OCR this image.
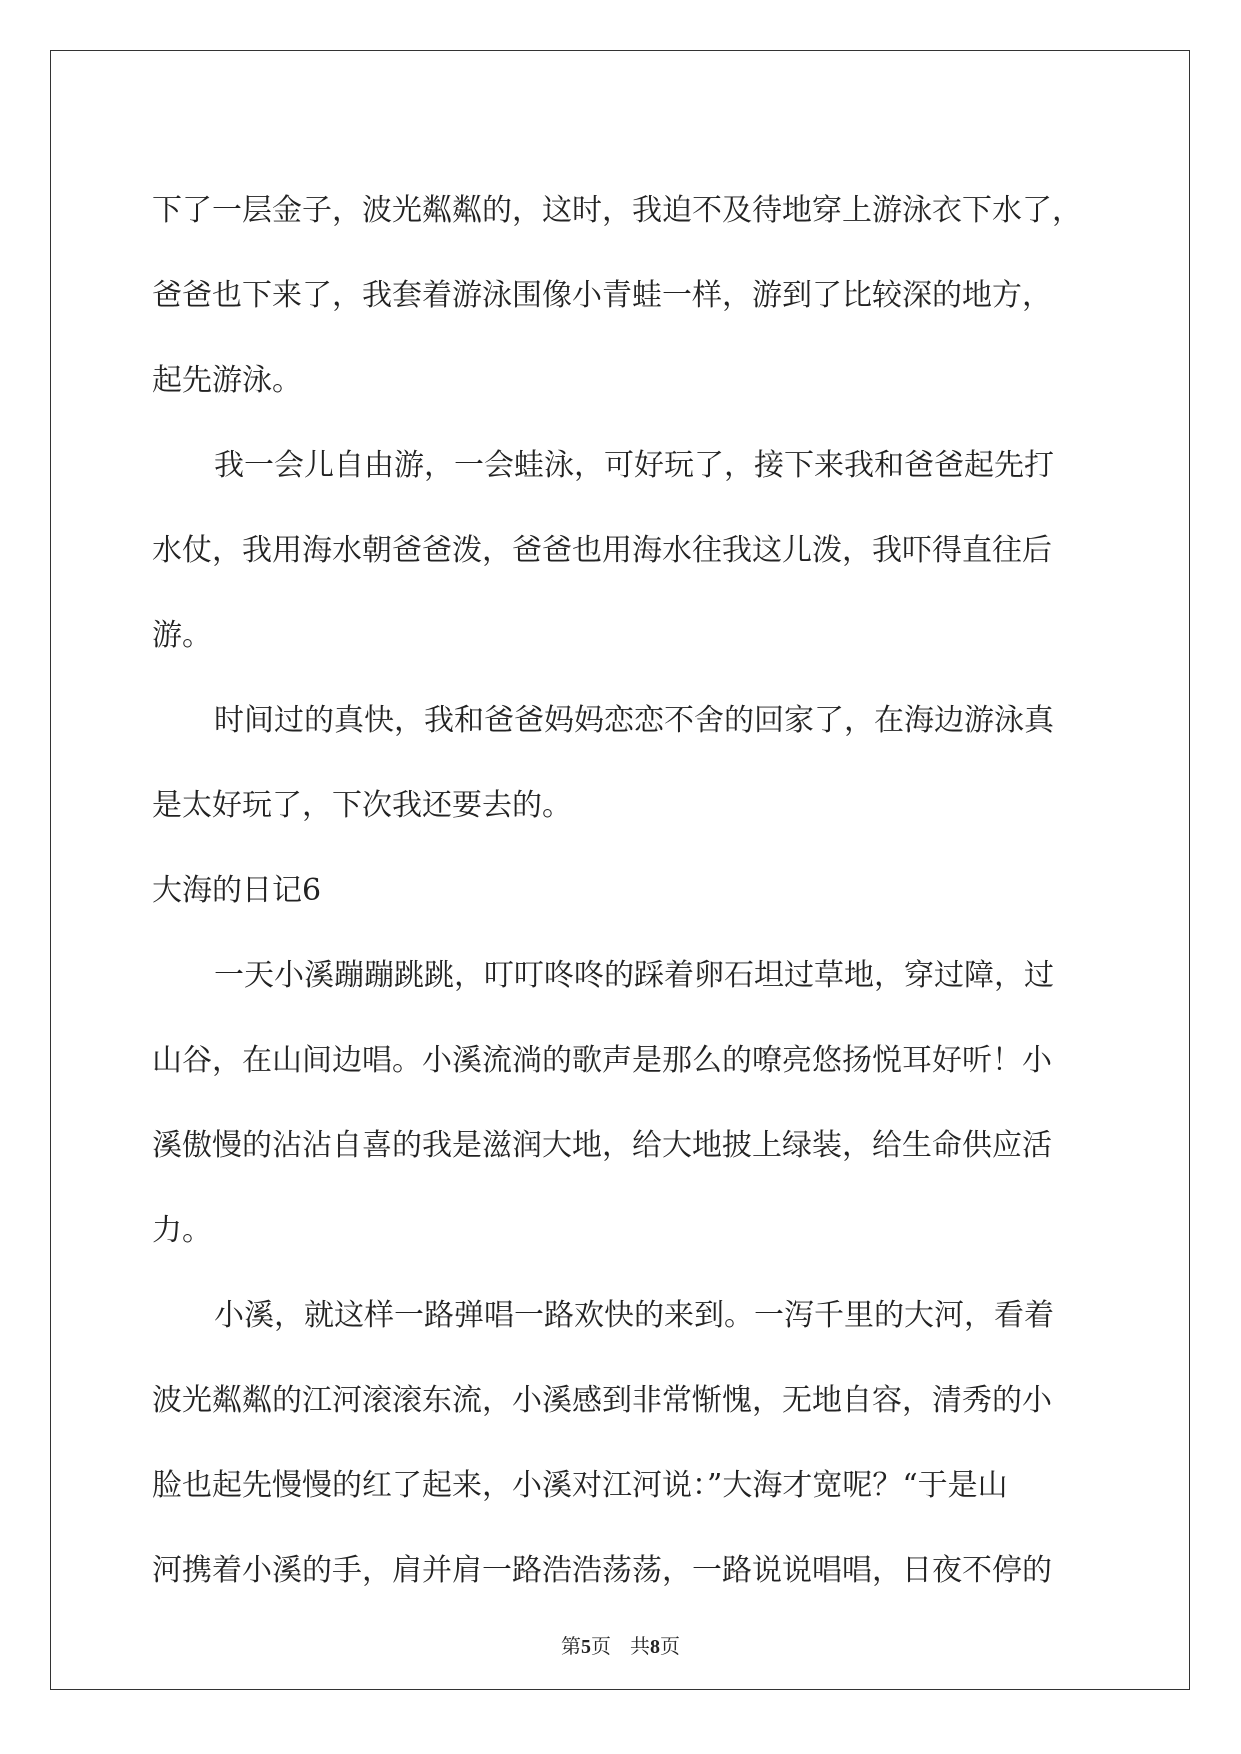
下了一层金子，波光粼粼的，这时，我迫不及待地穿上游泳衣下水了，
爸爸也下来了，我套着游泳围像小青蛙一样，游到了比较深的地方，
起先游泳。

我一会儿自由游，一会蛙泳，可好玩了，接下来我和爸爸起先打
水仗，我用海水朝爸爸泼，爸爸也用海水往我这儿泼，我吓得直往后
游。

时间过的真快，我和爸爸妈妈恋恋不舍的回家了，在海边游泳真
是太好玩了，下次我还要去的。

大海的日记6

一天小溪蹦蹦跳跳，叮叮咚咚的踩着卵石坦过草地，穿过障，过
山谷，在山间边唱。小溪流淌的歌声是那么的嘹亮悠扬悦耳好听！小
溪傲慢的沾沾自喜的我是滋润大地，给大地披上绿装，给生命供应活
力。

小溪，就这样一路弹唱一路欢快的来到。一泻千里的大河，看着
波光粼粼的江河滚滚东流，小溪感到非常惭愧，无地自容，清秀的小
脸也起先慢慢的红了起来，小溪对江河说：”大海才宽呢？“于是山
河携着小溪的手，肩并肩一路浩浩荡荡，一路说说唱唱，日夜不停的

第5页   共8页
